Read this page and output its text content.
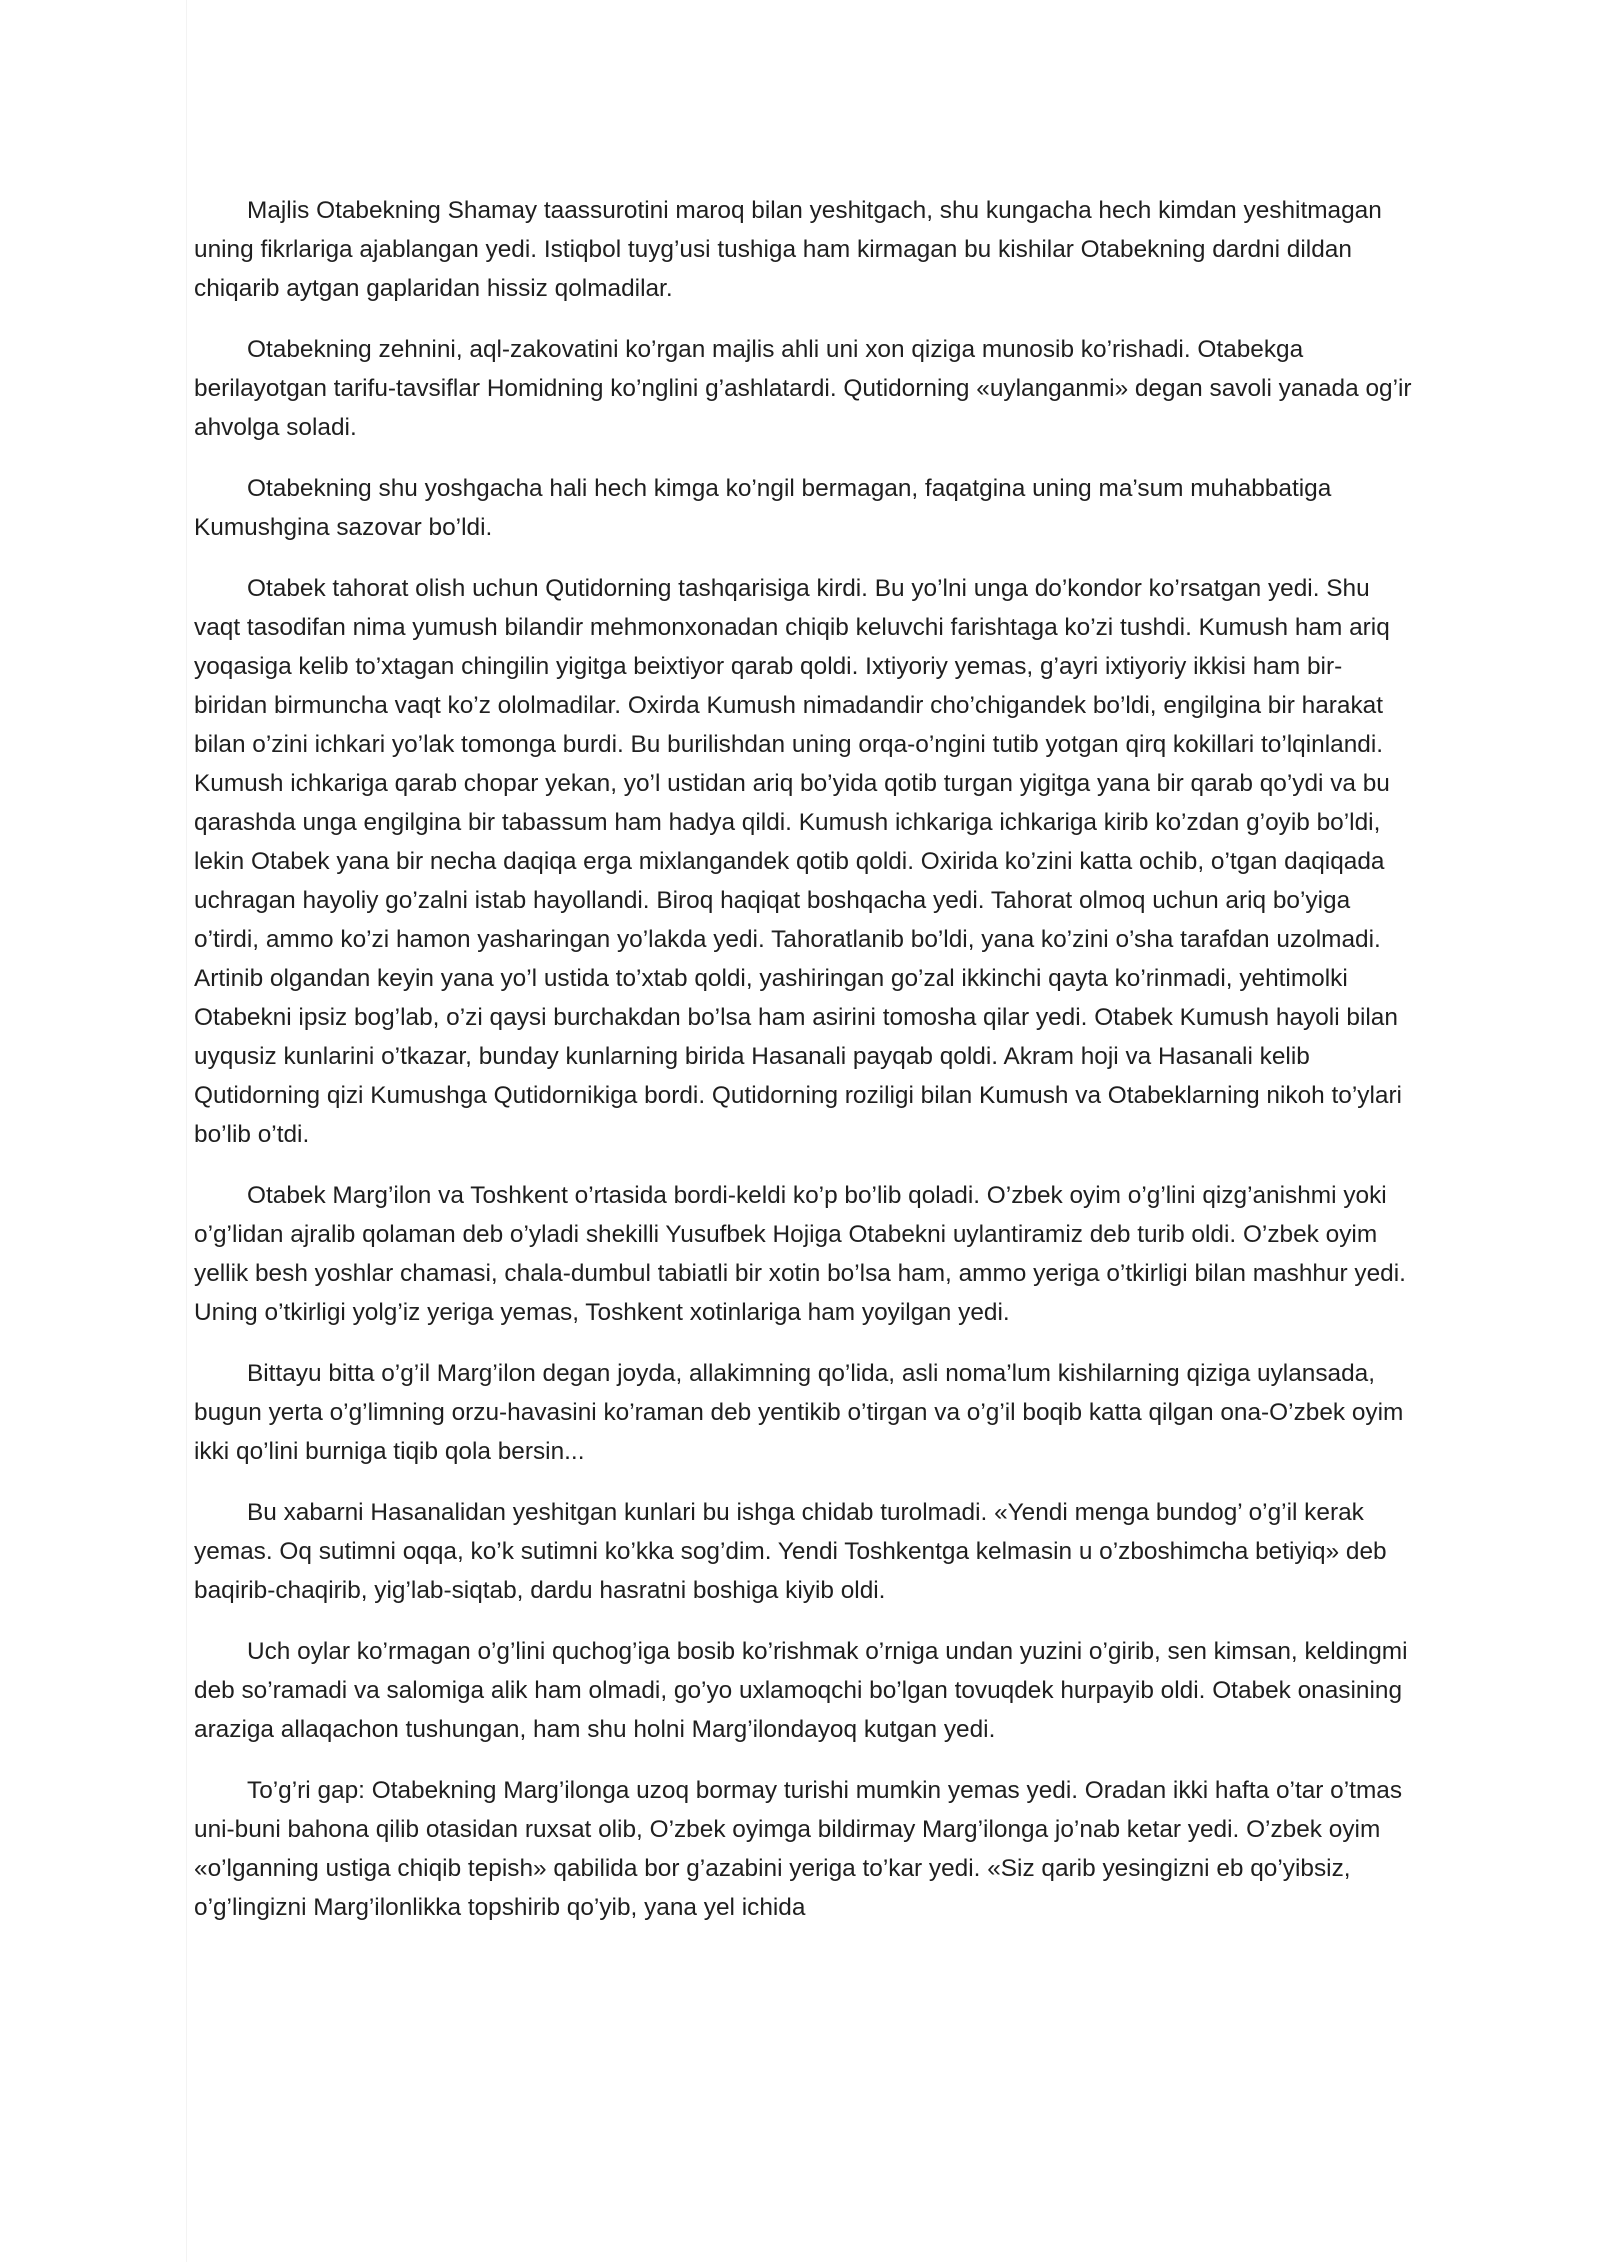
Majlis Otabekning Shamay taassurotini maroq bilan yeshitgach, shu kungacha hech kimdan yeshitmagan uning fikrlariga ajablangan yedi. Istiqbol tuyg’usi tushiga ham kirmagan bu kishilar Otabekning dardni dildan chiqarib aytgan gaplaridan hissiz qolmadilar.

Otabekning zehnini, aql-zakovatini ko’rgan majlis ahli uni xon qiziga munosib ko’rishadi. Otabekga berilayotgan tarifu-tavsiflar Homidning ko’nglini g’ashlatardi. Qutidorning «uylanganmi» degan savoli yanada og’ir ahvolga soladi.

Otabekning shu yoshgacha hali hech kimga ko’ngil bermagan, faqatgina uning ma’sum muhabbatiga Kumushgina sazovar bo’ldi.

Otabek tahorat olish uchun Qutidorning tashqarisiga kirdi. Bu yo’lni unga do’kondor ko’rsatgan yedi. Shu vaqt tasodifan nima yumush bilandir mehmonxonadan chiqib keluvchi farishtaga ko’zi tushdi. Kumush ham ariq yoqasiga kelib to’xtagan chingilin yigitga beixtiyor qarab qoldi. Ixtiyoriy yemas, g’ayri ixtiyoriy ikkisi ham bir-biridan birmuncha vaqt ko’z ololmadilar. Oxirda Kumush nimadandir cho’chigandek bo’ldi, engilgina bir harakat bilan o’zini ichkari yo’lak tomonga burdi. Bu burilishdan uning orqa-o’ngini tutib yotgan qirq kokillari to’lqinlandi. Kumush ichkariga qarab chopar yekan, yo’l ustidan ariq bo’yida qotib turgan yigitga yana bir qarab qo’ydi va bu qarashda unga engilgina bir tabassum ham hadya qildi. Kumush ichkariga ichkariga kirib ko’zdan g’oyib bo’ldi, lekin Otabek yana bir necha daqiqa erga mixlangandek qotib qoldi. Oxirida ko’zini katta ochib, o’tgan daqiqada uchragan hayoliy go’zalni istab hayollandi. Biroq haqiqat boshqacha yedi. Tahorat olmoq uchun ariq bo’yiga o’tirdi, ammo ko’zi hamon yasharingan yo’lakda yedi. Tahoratlanib bo’ldi, yana ko’zini o’sha tarafdan uzolmadi. Artinib olgandan keyin yana yo’l ustida to’xtab qoldi, yashiringan go’zal ikkinchi qayta ko’rinmadi, yehtimolki Otabekni ipsiz bog’lab, o’zi qaysi burchakdan bo’lsa ham asirini tomosha qilar yedi. Otabek Kumush hayoli bilan uyqusiz kunlarini o’tkazar, bunday kunlarning birida Hasanali payqab qoldi. Akram hoji va Hasanali kelib Qutidorning qizi Kumushga Qutidornikiga bordi. Qutidorning roziligi bilan Kumush va Otabeklarning nikoh to’ylari bo’lib o’tdi.

Otabek Marg’ilon va Toshkent o’rtasida bordi-keldi ko’p bo’lib qoladi. O’zbek oyim o’g’lini qizg’anishmi yoki o’g’lidan ajralib qolaman deb o’yladi shekilli Yusufbek Hojiga Otabekni uylantiramiz deb turib oldi. O’zbek oyim yellik besh yoshlar chamasi, chala-dumbul tabiatli bir xotin bo’lsa ham, ammo yeriga o’tkirligi bilan mashhur yedi. Uning o’tkirligi yolg’iz yeriga yemas, Toshkent xotinlariga ham yoyilgan yedi.

Bittayu bitta o’g’il Marg’ilon degan joyda, allakimning qo’lida, asli noma’lum kishilarning qiziga uylansada, bugun yerta o’g’limning orzu-havasini ko’raman deb yentikib o’tirgan va o’g’il boqib katta qilgan ona-O’zbek oyim ikki qo’lini burniga tiqib qola bersin...

Bu xabarni Hasanalidan yeshitgan kunlari bu ishga chidab turolmadi. «Yendi menga bundog’ o’g’il kerak yemas. Oq sutimni oqqa, ko’k sutimni ko’kka sog’dim. Yendi Toshkentga kelmasin u o’zboshimcha betiyiq» deb baqirib-chaqirib, yig’lab-siqtab, dardu hasratni boshiga kiyib oldi.

Uch oylar ko’rmagan o’g’lini quchog’iga bosib ko’rishmak o’rniga undan yuzini o’girib, sen kimsan, keldingmi deb so’ramadi va salomiga alik ham olmadi, go’yo uxlamoqchi bo’lgan tovuqdek hurpayib oldi. Otabek onasining araziga allaqachon tushungan, ham shu holni Marg’ilondayoq kutgan yedi.

To’g’ri gap: Otabekning Marg’ilonga uzoq bormay turishi mumkin yemas yedi. Oradan ikki hafta o’tar o’tmas uni-buni bahona qilib otasidan ruxsat olib, O’zbek oyimga bildirmay Marg’ilonga jo’nab ketar yedi. O’zbek oyim «o’lganning ustiga chiqib tepish» qabilida bor g’azabini yeriga to’kar yedi. «Siz qarib yesingizni eb qo’yibsiz, o’g’lingizni Marg’ilonlikka topshirib qo’yib, yana yel ichida
